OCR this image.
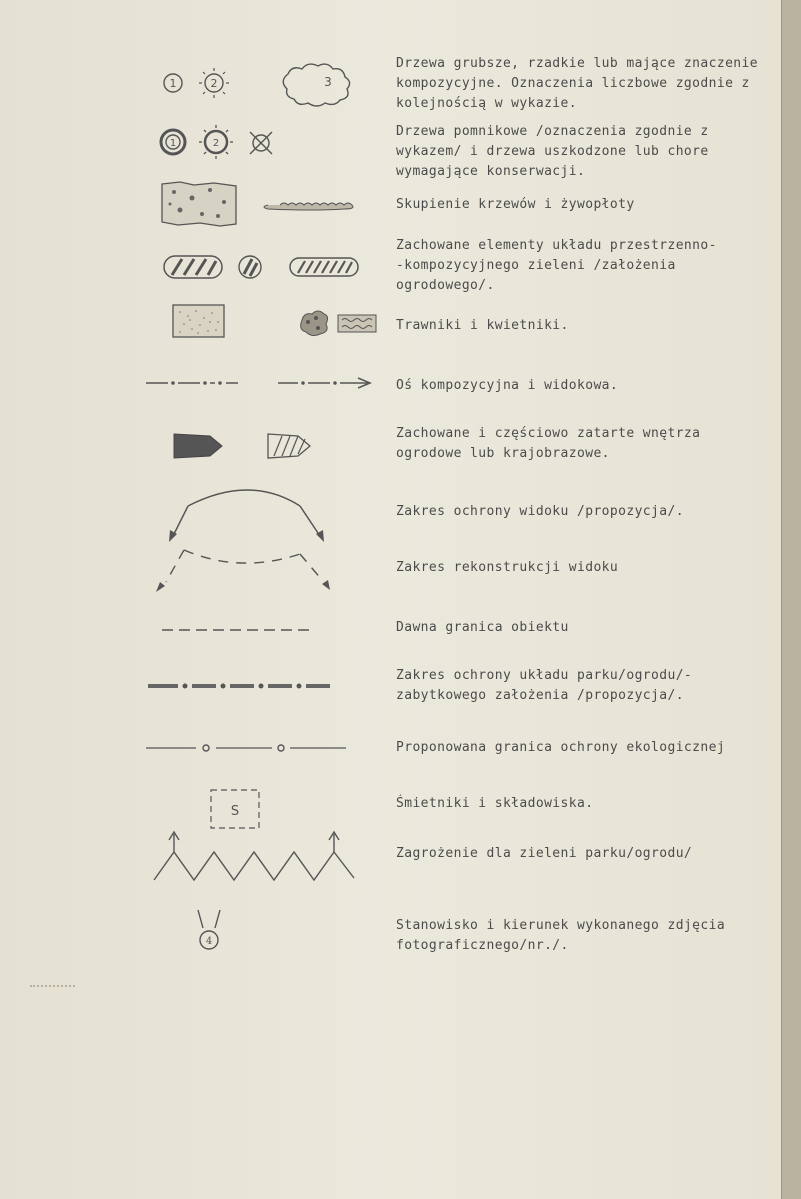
1	2	3
Drzewa grubsze, rzadkie lub mające znaczenie kompozycyjne. Oznaczenia liczbowe zgodnie z kolejnością w wykazie.
1	2
Drzewa pomnikowe /oznaczenia zgodnie z wykazem/ i drzewa uszkodzone lub chore wymagające konserwacji.
Skupienie krzewów i żywopłoty
Zachowane elementy układu przestrzenno-
-kompozycyjnego zieleni /założenia ogrodowego/.
Trawniki i kwietniki.
Oś kompozycyjna i widokowa.
Zachowane i częściowo zatarte wnętrza ogrodowe lub krajobrazowe.
Zakres ochrony widoku /propozycja/.
Zakres rekonstrukcji widoku
Dawna granica obiektu
Zakres ochrony układu parku/ogrodu/-
zabytkowego założenia /propozycja/.
Proponowana granica ochrony ekologicznej
S
Śmietniki i składowiska.
Zagrożenie dla zieleni parku/ogrodu/
4
Stanowisko i kierunek wykonanego zdjęcia fotograficznego/nr./.
